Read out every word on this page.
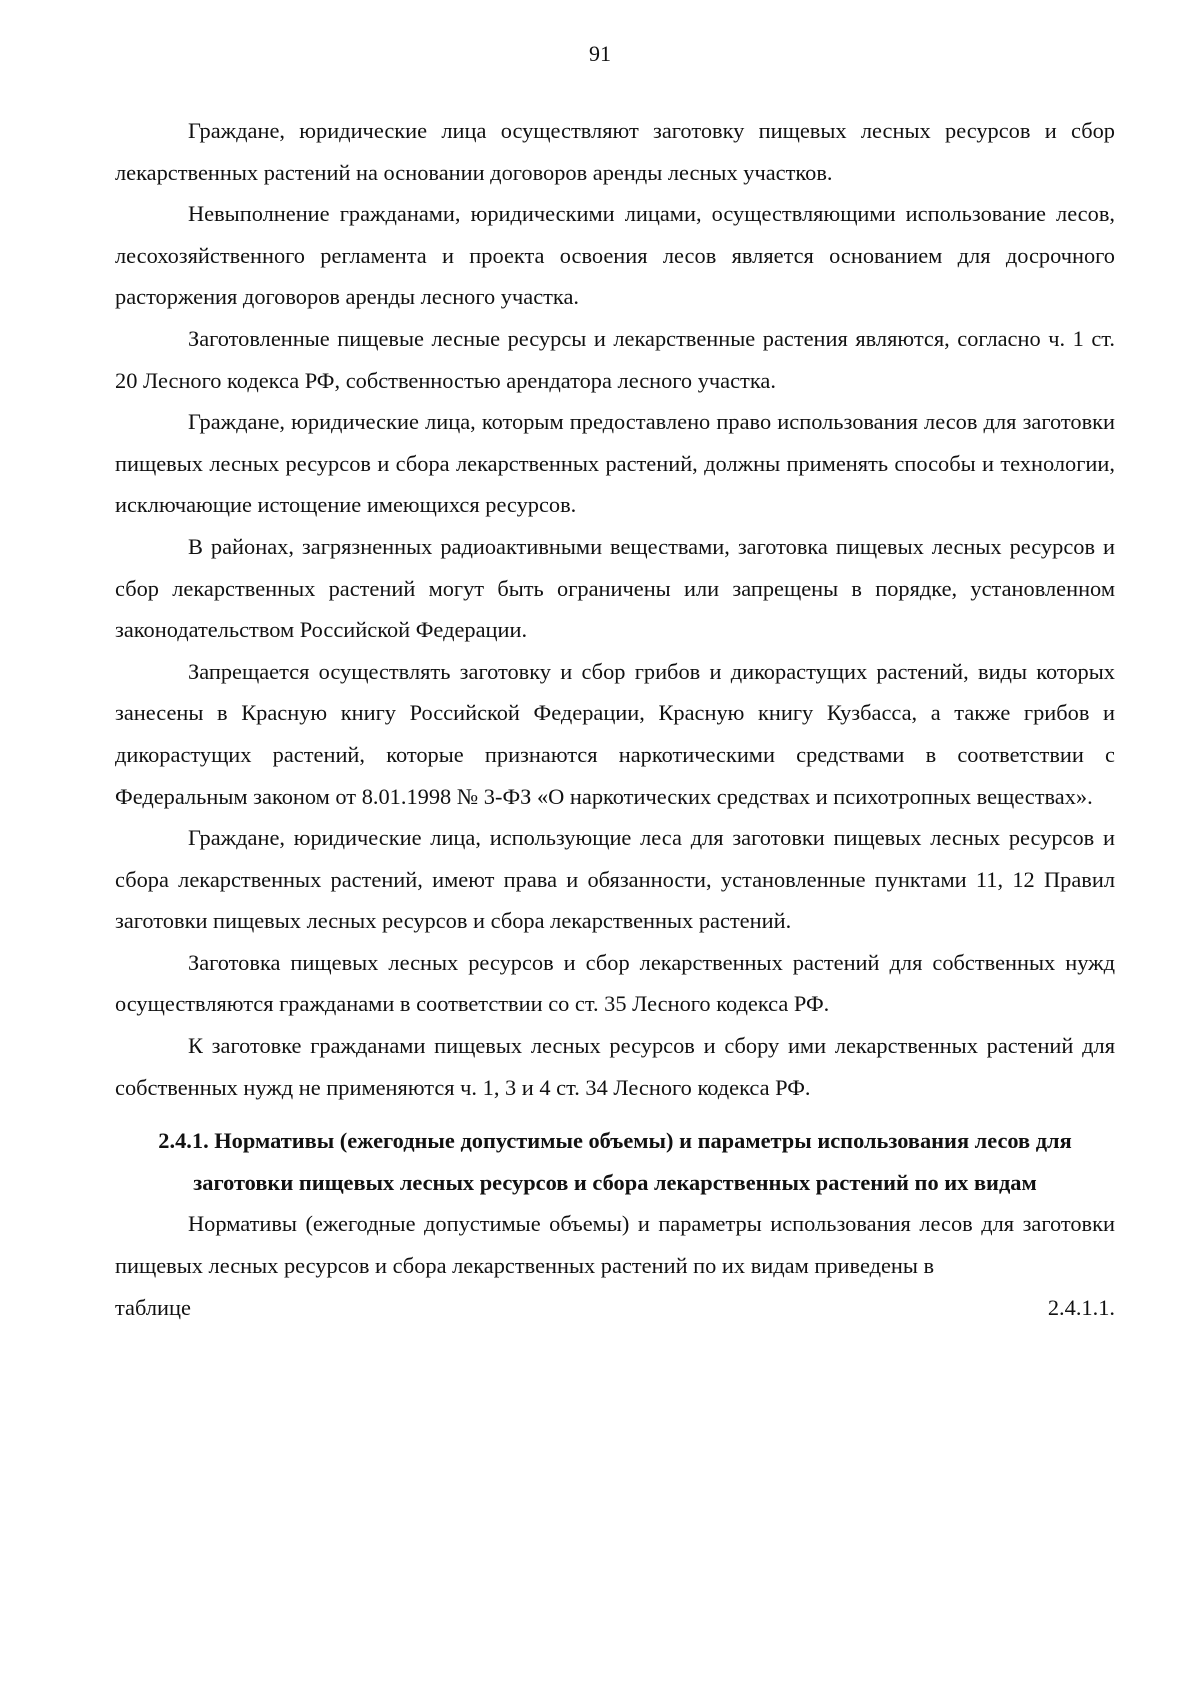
91

Граждане, юридические лица осуществляют заготовку пищевых лесных ресурсов и сбор лекарственных растений на основании договоров аренды лесных участков.

Невыполнение гражданами, юридическими лицами, осуществляющими использование лесов, лесохозяйственного регламента и проекта освоения лесов является основанием для досрочного расторжения договоров аренды лесного участка.

Заготовленные пищевые лесные ресурсы и лекарственные растения являются, согласно ч. 1 ст. 20 Лесного кодекса РФ, собственностью арендатора лесного участка.

Граждане, юридические лица, которым предоставлено право использования лесов для заготовки пищевых лесных ресурсов и сбора лекарственных растений, должны применять способы и технологии, исключающие истощение имеющихся ресурсов.

В районах, загрязненных радиоактивными веществами, заготовка пищевых лесных ресурсов и сбор лекарственных растений могут быть ограничены или запрещены в порядке, установленном законодательством Российской Федерации.

Запрещается осуществлять заготовку и сбор грибов и дикорастущих растений, виды которых занесены в Красную книгу Российской Федерации, Красную книгу Кузбасса, а также грибов и дикорастущих растений, которые признаются наркотическими средствами в соответствии с Федеральным законом от 8.01.1998 № 3-ФЗ «О наркотических средствах и психотропных веществах».

Граждане, юридические лица, использующие леса для заготовки пищевых лесных ресурсов и сбора лекарственных растений, имеют права и обязанности, установленные пунктами 11, 12 Правил заготовки пищевых лесных ресурсов и сбора лекарственных растений.

Заготовка пищевых лесных ресурсов и сбор лекарственных растений для собственных нужд осуществляются гражданами в соответствии со ст. 35 Лесного кодекса РФ.

К заготовке гражданами пищевых лесных ресурсов и сбору ими лекарственных растений для собственных нужд не применяются ч. 1, 3 и 4 ст. 34 Лесного кодекса РФ.

2.4.1. Нормативы (ежегодные допустимые объемы) и параметры использования лесов для заготовки пищевых лесных ресурсов и сбора лекарственных растений по их видам

Нормативы (ежегодные допустимые объемы) и параметры использования лесов для заготовки пищевых лесных ресурсов и сбора лекарственных растений по их видам приведены в

таблице	2.4.1.1.
